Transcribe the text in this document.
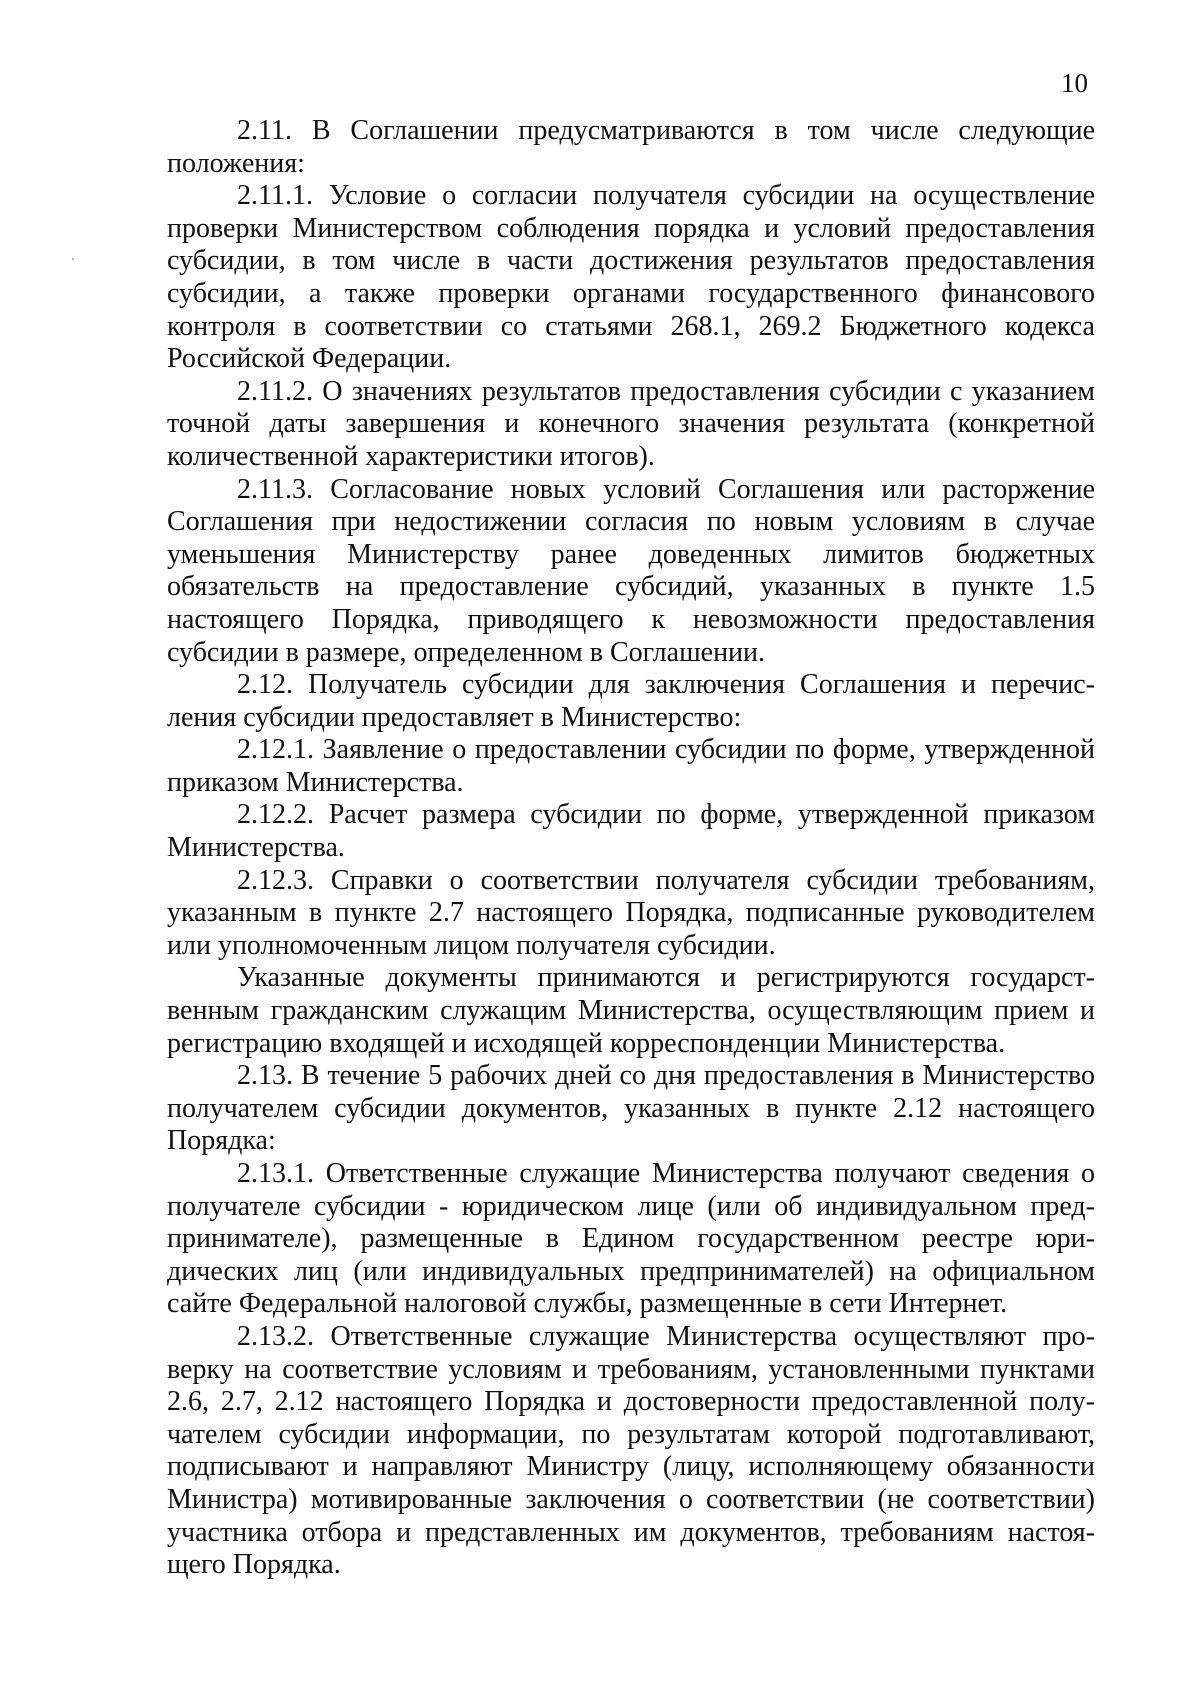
10

2.11. В Соглашении предусматриваются в том числе следующие положения:

2.11.1. Условие о согласии получателя субсидии на осуществление проверки Министерством соблюдения порядка и условий предоставления субсидии, в том числе в части достижения результатов предоставления субсидии, а также проверки органами государственного финансового контроля в соответствии со статьями 268.1, 269.2 Бюджетного кодекса Российской Федерации.

2.11.2. О значениях результатов предоставления субсидии с указанием точной даты завершения и конечного значения результата (конкретной количественной характеристики итогов).

2.11.3. Согласование новых условий Соглашения или расторжение Соглашения при недостижении согласия по новым условиям в случае уменьшения Министерству ранее доведенных лимитов бюджетных обязательств на предоставление субсидий, указанных в пункте 1.5 настоящего Порядка, приводящего к невозможности предоставления субсидии в размере, определенном в Соглашении.

2.12. Получатель субсидии для заключения Соглашения и перечисления субсидии предоставляет в Министерство:

2.12.1. Заявление о предоставлении субсидии по форме, утвержденной приказом Министерства.

2.12.2. Расчет размера субсидии по форме, утвержденной приказом Министерства.

2.12.3. Справки о соответствии получателя субсидии требованиям, указанным в пункте 2.7 настоящего Порядка, подписанные руководителем или уполномоченным лицом получателя субсидии.

Указанные документы принимаются и регистрируются государственным гражданским служащим Министерства, осуществляющим прием и регистрацию входящей и исходящей корреспонденции Министерства.

2.13. В течение 5 рабочих дней со дня предоставления в Министерство получателем субсидии документов, указанных в пункте 2.12 настоящего Порядка:

2.13.1. Ответственные служащие Министерства получают сведения о получателе субсидии - юридическом лице (или об индивидуальном предпринимателе), размещенные в Едином государственном реестре юридических лиц (или индивидуальных предпринимателей) на официальном сайте Федеральной налоговой службы, размещенные в сети Интернет.

2.13.2. Ответственные служащие Министерства осуществляют проверку на соответствие условиям и требованиям, установленными пунктами 2.6, 2.7, 2.12 настоящего Порядка и достоверности предоставленной получателем субсидии информации, по результатам которой подготавливают, подписывают и направляют Министру (лицу, исполняющему обязанности Министра) мотивированные заключения о соответствии (не соответствии) участника отбора и представленных им документов, требованиям настоящего Порядка.
